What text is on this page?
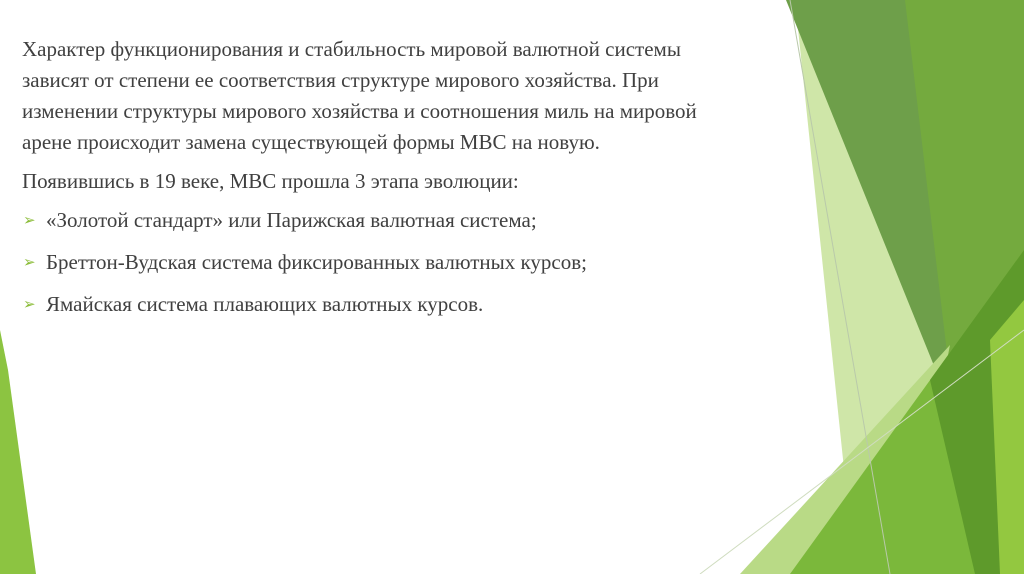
Характер функционирования и стабильность мировой валютной системы зависят от степени ее соответствия структуре мирового хозяйства. При изменении структуры мирового хозяйства и соотношения миль на мировой арене происходит замена существующей формы МВС на новую.

Появившись в 19 веке, МВС прошла 3 этапа эволюции:

➢ «Золотой стандарт» или Парижская валютная система;
➢ Бреттон-Вудская система фиксированных валютных курсов;
➢ Ямайская система плавающих валютных курсов.
